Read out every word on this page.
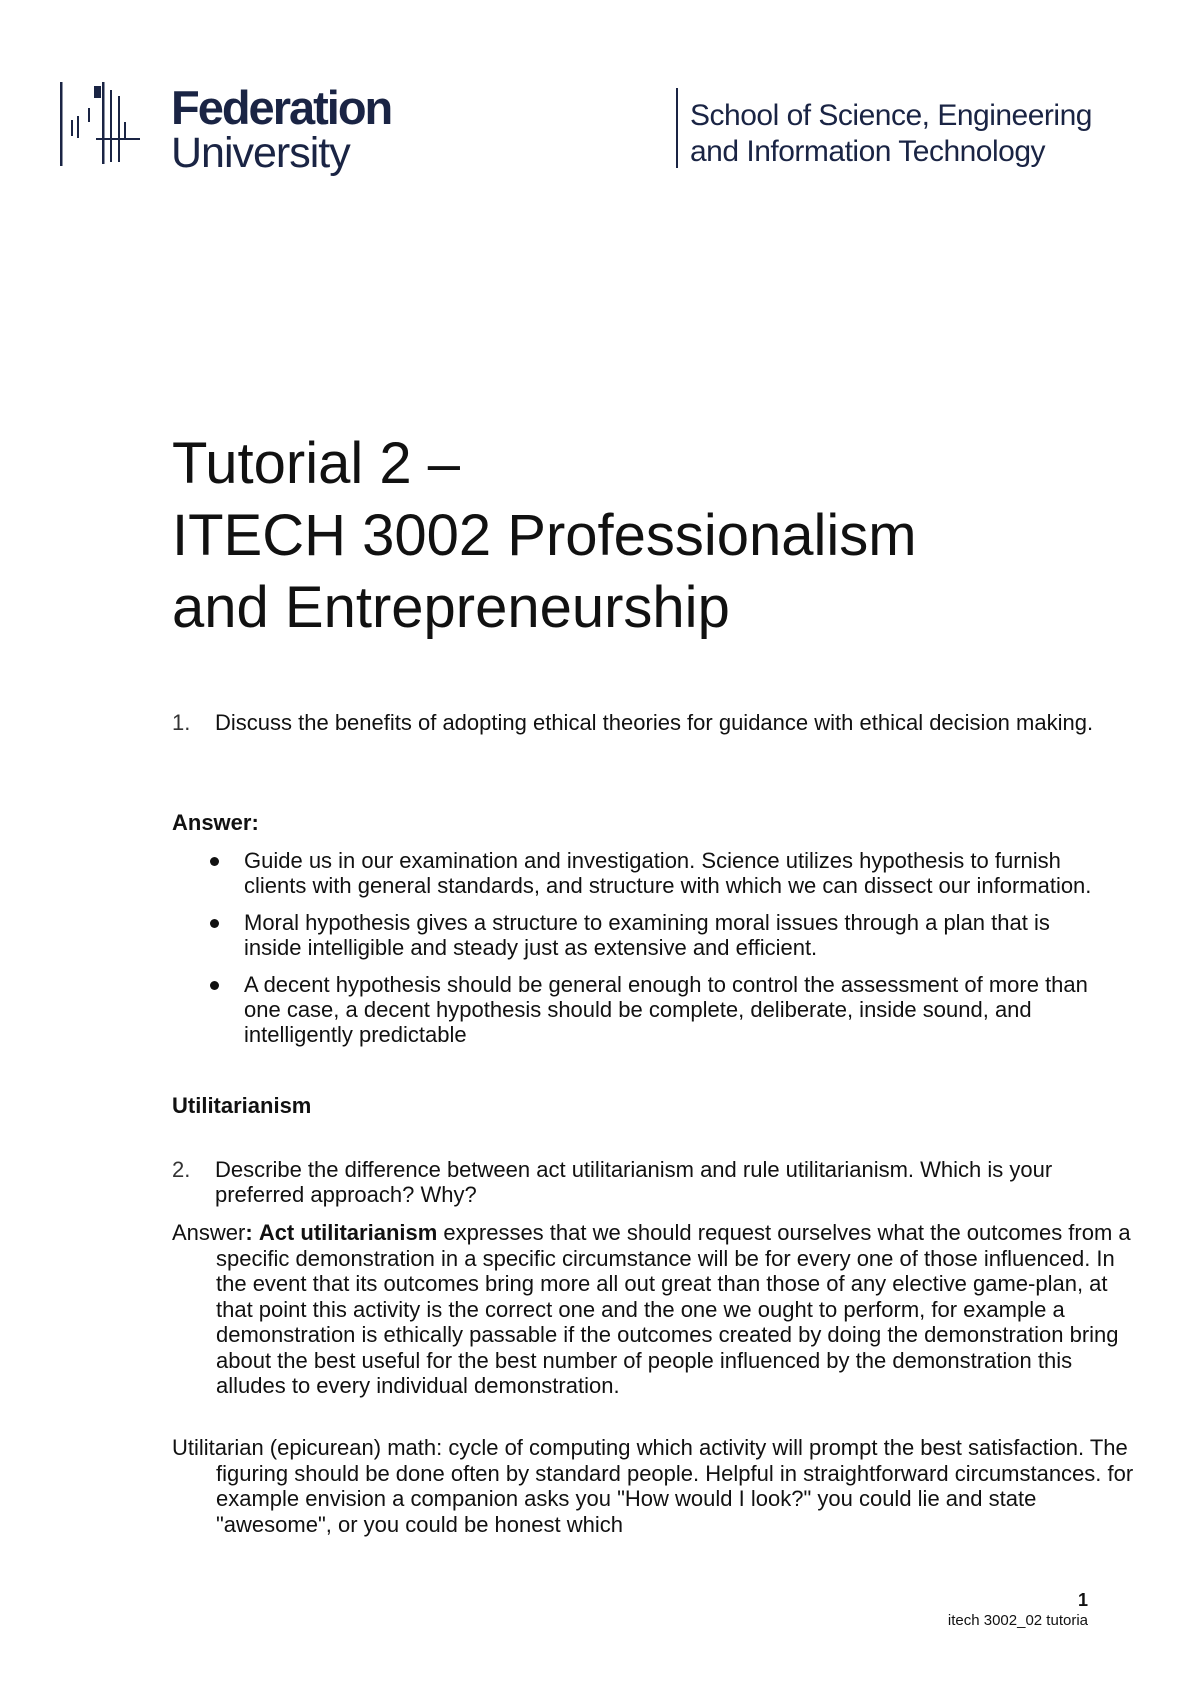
Federation
University
School of Science, Engineering
and Information Technology
Tutorial 2 –
ITECH 3002 Professionalism
and Entrepreneurship
1.	Discuss the benefits of adopting ethical theories for guidance with ethical decision making.
Answer:
Guide us in our examination and investigation. Science utilizes hypothesis to furnish clients with general standards, and structure with which we can dissect our information.
Moral hypothesis gives a structure to examining moral issues through a plan that is inside intelligible and steady just as extensive and efficient.
A decent hypothesis should be general enough to control the assessment of more than one case, a decent hypothesis should be complete, deliberate, inside sound, and intelligently predictable
Utilitarianism
2.	Describe the difference between act utilitarianism and rule utilitarianism. Which is your preferred approach? Why?
Answer: Act utilitarianism expresses that we should request ourselves what the outcomes from a specific demonstration in a specific circumstance will be for every one of those influenced. In the event that its outcomes bring more all out great than those of any elective game-plan, at that point this activity is the correct one and the one we ought to perform, for example a demonstration is ethically passable if the outcomes created by doing the demonstration bring about the best useful for the best number of people influenced by the demonstration this alludes to every individual demonstration.
Utilitarian (epicurean) math: cycle of computing which activity will prompt the best satisfaction. The figuring should be done often by standard people. Helpful in straightforward circumstances. for example envision a companion asks you "How would I look?" you could lie and state "awesome", or you could be honest which
1
itech 3002_02 tutoria
